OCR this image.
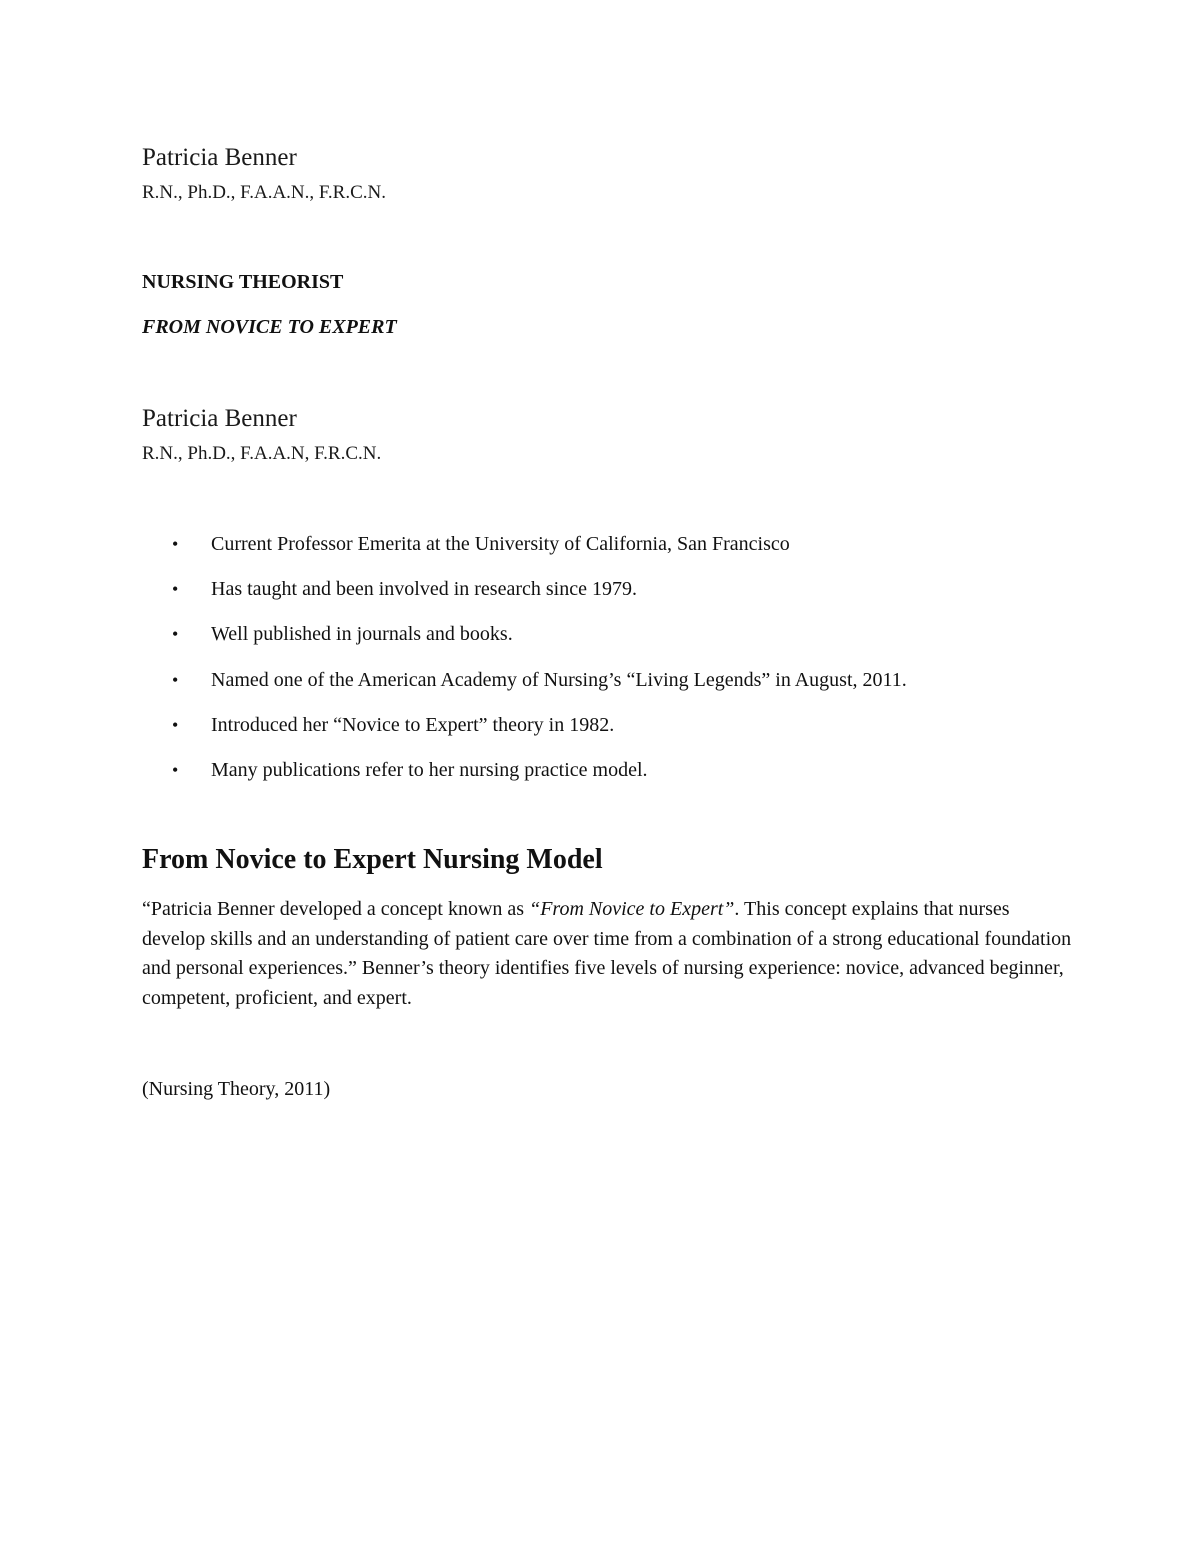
Patricia Benner
R.N., Ph.D., F.A.A.N., F.R.C.N.
NURSING THEORIST
FROM NOVICE TO EXPERT
Patricia Benner
R.N., Ph.D., F.A.A.N, F.R.C.N.
•	Current Professor Emerita at the University of California, San Francisco
•	Has taught and been involved in research since 1979.
•	Well published in journals and books.
•	Named one of the American Academy of Nursing’s “Living Legends” in August, 2011.
•	Introduced her “Novice to Expert” theory in 1982.
•	Many publications refer to her nursing practice model.
From Novice to Expert Nursing Model
“Patricia Benner developed a concept known as “From Novice to Expert”. This concept explains that nurses develop skills and an understanding of patient care over time from a combination of a strong educational foundation and personal experiences.” Benner’s theory identifies five levels of nursing experience: novice, advanced beginner, competent, proficient, and expert.
(Nursing Theory, 2011)
